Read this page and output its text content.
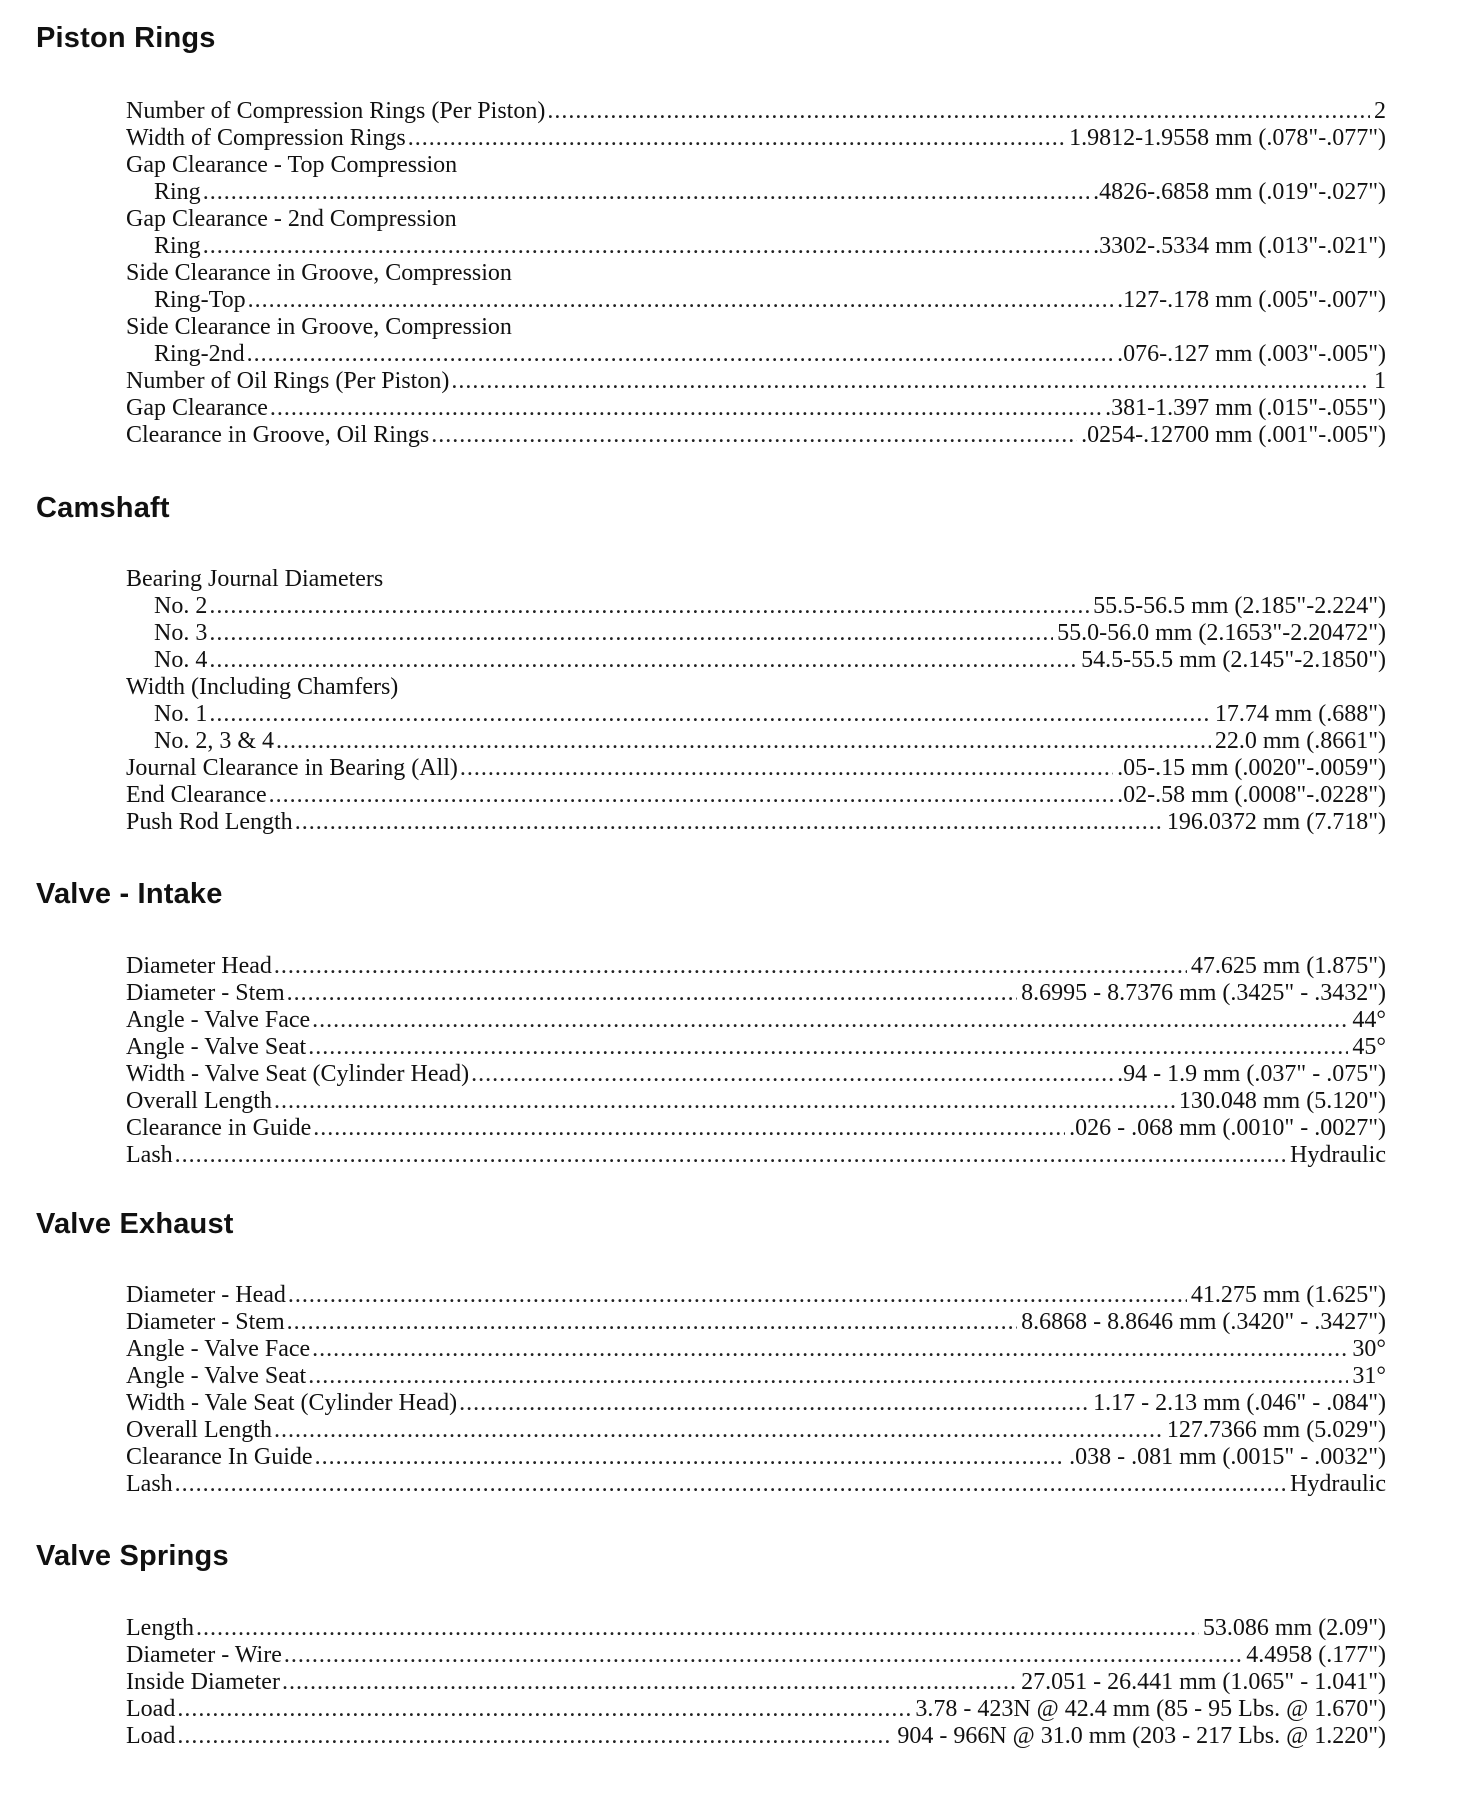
Piston Rings
Number of Compression Rings (Per Piston) .....	2
Width of Compression Rings .....	1.9812-1.9558 mm (.078"-.077")
Gap Clearance - Top Compression
Ring .....	.4826-.6858 mm (.019"-.027")
Gap Clearance - 2nd Compression
Ring .....	.3302-.5334 mm (.013"-.021")
Side Clearance in Groove, Compression
Ring-Top .....	.127-.178 mm (.005"-.007")
Side Clearance in Groove, Compression
Ring-2nd .....	.076-.127 mm (.003"-.005")
Number of Oil Rings (Per Piston) .....	1
Gap Clearance .....	.381-1.397 mm (.015"-.055")
Clearance in Groove, Oil Rings .....	.0254-.12700 mm (.001"-.005")
Camshaft
Bearing Journal Diameters
No. 2 .....	55.5-56.5 mm (2.185"-2.224")
No. 3 .....	55.0-56.0 mm (2.1653"-2.20472")
No. 4 .....	54.5-55.5 mm (2.145"-2.1850")
Width (Including Chamfers)
No. 1 .....	17.74 mm (.688")
No. 2, 3 & 4 .....	22.0 mm (.8661")
Journal Clearance in Bearing (All) .....	.05-.15 mm (.0020"-.0059")
End Clearance .....	.02-.58 mm (.0008"-.0228")
Push Rod Length .....	196.0372 mm (7.718")
Valve - Intake
Diameter Head .....	47.625 mm (1.875")
Diameter - Stem .....	8.6995 - 8.7376 mm (.3425" - .3432")
Angle - Valve Face .....	44°
Angle - Valve Seat .....	45°
Width - Valve Seat (Cylinder Head) .....	.94 - 1.9 mm (.037" - .075")
Overall Length .....	130.048 mm (5.120")
Clearance in Guide .....	.026 - .068 mm (.0010" - .0027")
Lash .....	Hydraulic
Valve Exhaust
Diameter - Head .....	41.275 mm (1.625")
Diameter - Stem .....	8.6868 - 8.8646 mm (.3420" - .3427")
Angle - Valve Face .....	30°
Angle - Valve Seat .....	31°
Width - Vale Seat (Cylinder Head) .....	1.17 - 2.13 mm (.046" - .084")
Overall Length .....	127.7366 mm (5.029")
Clearance In Guide .....	.038 - .081 mm (.0015" - .0032")
Lash .....	Hydraulic
Valve Springs
Length .....	53.086 mm (2.09")
Diameter - Wire .....	4.4958 (.177")
Inside Diameter .....	27.051 - 26.441 mm (1.065" - 1.041")
Load .....	3.78 - 423N @ 42.4 mm (85 - 95 Lbs. @ 1.670")
Load .....	904 - 966N @ 31.0 mm (203 - 217 Lbs. @ 1.220")
